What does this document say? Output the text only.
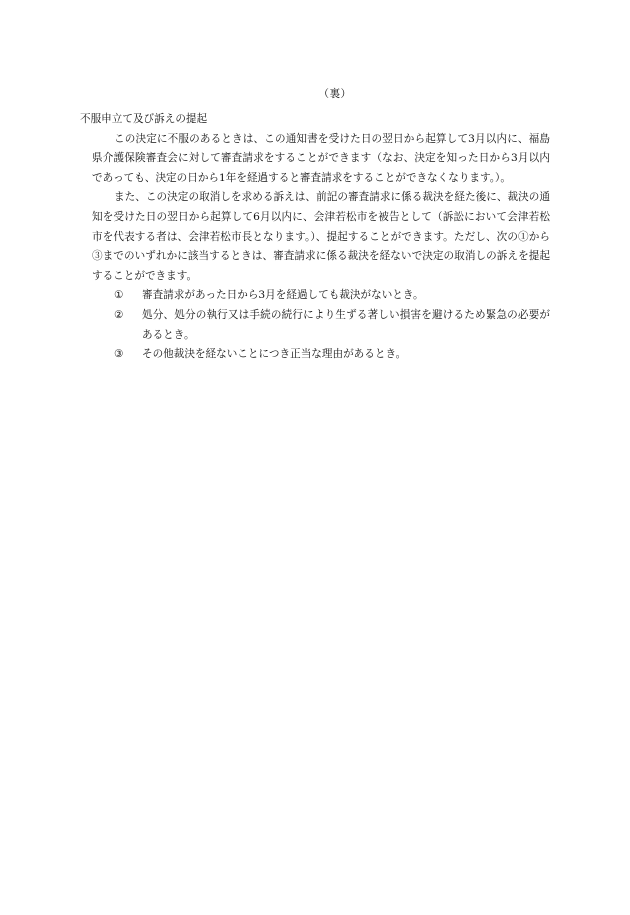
（裏）
不服申立て及び訴えの提起

この決定に不服のあるときは、この通知書を受けた日の翌日から起算して3月以内に、福島県介護保険審査会に対して審査請求をすることができます（なお、決定を知った日から3月以内であっても、決定の日から1年を経過すると審査請求をすることができなくなります。）。

また、この決定の取消しを求める訴えは、前記の審査請求に係る裁決を経た後に、裁決の通知を受けた日の翌日から起算して6月以内に、会津若松市を被告として（訴訟において会津若松市を代表する者は、会津若松市長となります。）、提起することができます。ただし、次の①から③までのいずれかに該当するときは、審査請求に係る裁決を経ないで決定の取消しの訴えを提起することができます。

①	審査請求があった日から3月を経過しても裁決がないとき。
②	処分、処分の執行又は手続の続行により生ずる著しい損害を避けるため緊急の必要があるとき。
③	その他裁決を経ないことにつき正当な理由があるとき。
